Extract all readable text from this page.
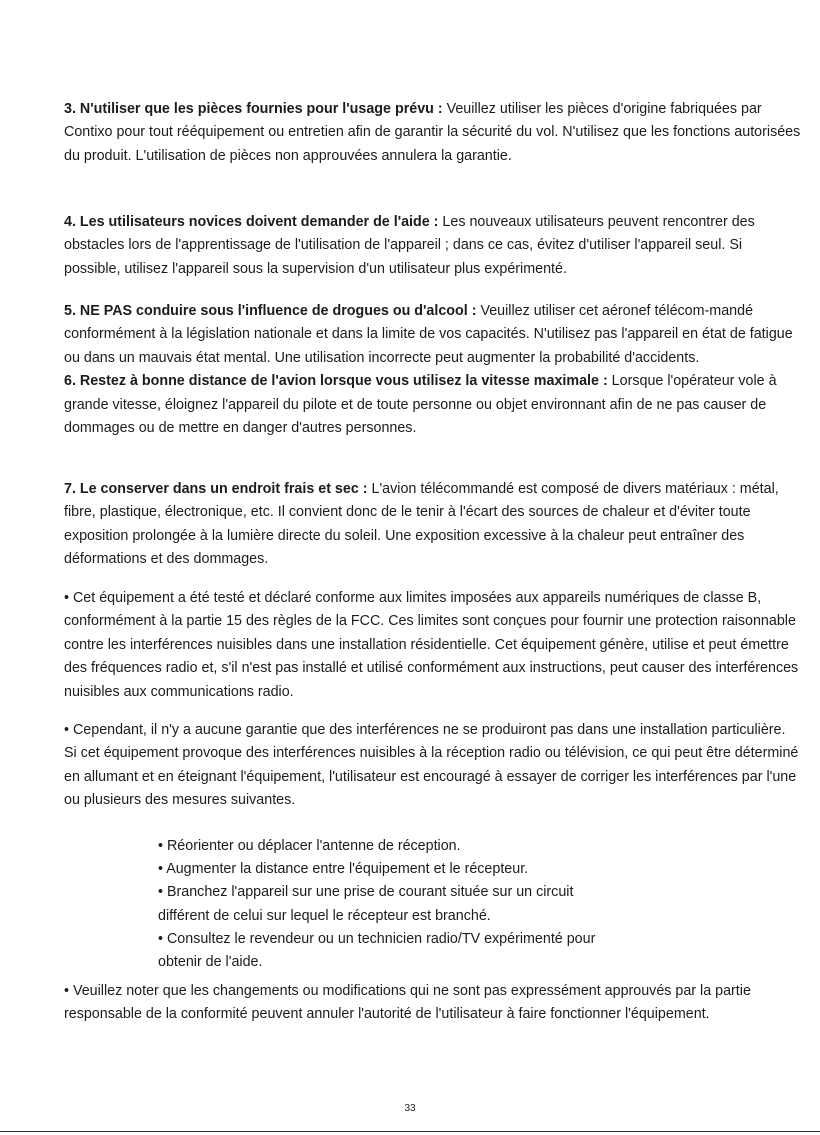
3. N'utiliser que les pièces fournies pour l'usage prévu : Veuillez utiliser les pièces d'origine fabriquées par Contixo pour tout rééquipement ou entretien afin de garantir la sécurité du vol. N'utilisez que les fonctions autorisées du produit. L'utilisation de pièces non approuvées annulera la garantie.

4. Les utilisateurs novices doivent demander de l'aide : Les nouveaux utilisateurs peuvent rencontrer des obstacles lors de l'apprentissage de l'utilisation de l'appareil ; dans ce cas, évitez d'utiliser l'appareil seul. Si possible, utilisez l'appareil sous la supervision d'un utilisateur plus expérimenté.

5. NE PAS conduire sous l'influence de drogues ou d'alcool : Veuillez utiliser cet aéronef télécom-mandé conformément à la législation nationale et dans la limite de vos capacités. N'utilisez pas l'appareil en état de fatigue ou dans un mauvais état mental. Une utilisation incorrecte peut augmenter la probabilité d'accidents.

6. Restez à bonne distance de l'avion lorsque vous utilisez la vitesse maximale : Lorsque l'opérateur vole à grande vitesse, éloignez l'appareil du pilote et de toute personne ou objet environnant afin de ne pas causer de dommages ou de mettre en danger d'autres personnes.

7. Le conserver dans un endroit frais et sec : L'avion télécommandé est composé de divers matériaux : métal, fibre, plastique, électronique, etc. Il convient donc de le tenir à l'écart des sources de chaleur et d'éviter toute exposition prolongée à la lumière directe du soleil. Une exposition excessive à la chaleur peut entraîner des déformations et des dommages.

• Cet équipement a été testé et déclaré conforme aux limites imposées aux appareils numériques de classe B, conformément à la partie 15 des règles de la FCC. Ces limites sont conçues pour fournir une protection raisonnable contre les interférences nuisibles dans une installation résidentielle. Cet équipement génère, utilise et peut émettre des fréquences radio et, s'il n'est pas installé et utilisé conformément aux instructions, peut causer des interférences nuisibles aux communications radio.

• Cependant, il n'y a aucune garantie que des interférences ne se produiront pas dans une installation particulière. Si cet équipement provoque des interférences nuisibles à la réception radio ou télévision, ce qui peut être déterminé en allumant et en éteignant l'équipement, l'utilisateur est encouragé à essayer de corriger les interférences par l'une ou plusieurs des mesures suivantes.

• Réorienter ou déplacer l'antenne de réception.

• Augmenter la distance entre l'équipement et le récepteur.

• Branchez l'appareil sur une prise de courant située sur un circuit

différent de celui sur lequel le récepteur est branché.

• Consultez le revendeur ou un technicien radio/TV expérimenté pour

obtenir de l'aide.

• Veuillez noter que les changements ou modifications qui ne sont pas expressément approuvés par la partie responsable de la conformité peuvent annuler l'autorité de l'utilisateur à faire fonctionner l'équipement.

33
